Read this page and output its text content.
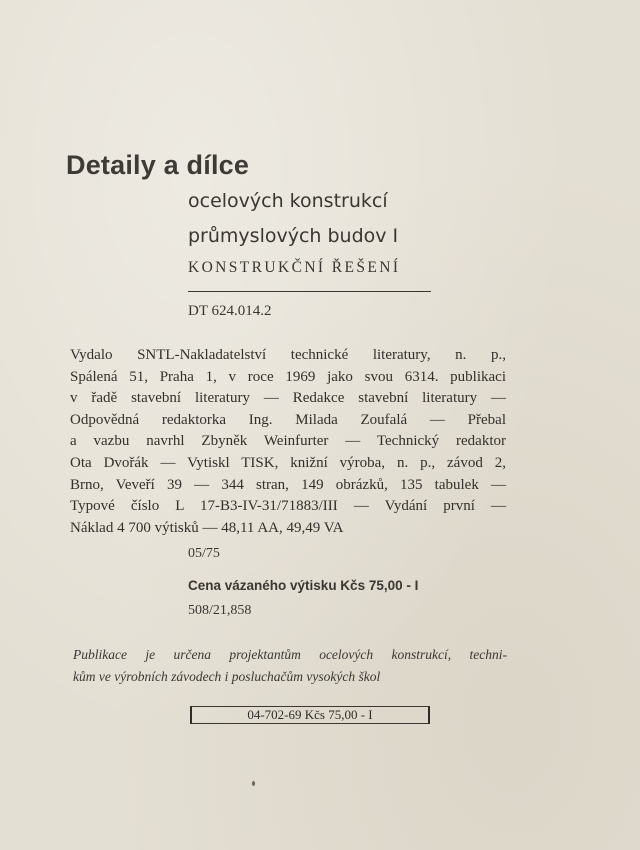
Detaily a dílce

ocelových konstrukcí

průmyslových budov I

KONSTRUKČNÍ ŘEŠENÍ

DT 624.014.2

Vydalo SNTL-Nakladatelství technické literatury, n. p.,
Spálená 51, Praha 1, v roce 1969 jako svou 6314. publikaci
v řadě stavební literatury — Redakce stavební literatury —
Odpovědná redaktorka Ing. Milada Zoufalá — Přebal
a vazbu navrhl Zbyněk Weinfurter — Technický redaktor
Ota Dvořák — Vytiskl TISK, knižní výroba, n. p., závod 2,
Brno, Veveří 39 — 344 stran, 149 obrázků, 135 tabulek —
Typové číslo L 17-B3-IV-31/71883/III — Vydání první —
Náklad 4 700 výtisků — 48,11 AA, 49,49 VA

05/75
Cena vázaného výtisku Kčs 75,00 - I
508/21,858

Publikace je určena projektantům ocelových konstrukcí, techni-
kům ve výrobních závodech i posluchačům vysokých škol

04-702-69 Kčs 75,00 - I
